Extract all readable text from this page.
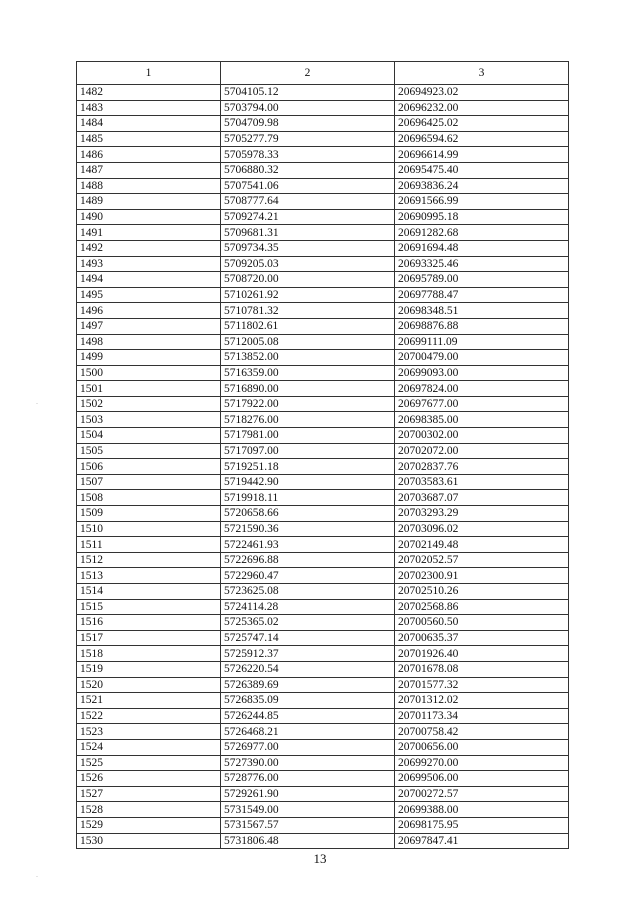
1	2	3
1482	5704105.12	20694923.02
1483	5703794.00	20696232.00
1484	5704709.98	20696425.02
1485	5705277.79	20696594.62
1486	5705978.33	20696614.99
1487	5706880.32	20695475.40
1488	5707541.06	20693836.24
1489	5708777.64	20691566.99
1490	5709274.21	20690995.18
1491	5709681.31	20691282.68
1492	5709734.35	20691694.48
1493	5709205.03	20693325.46
1494	5708720.00	20695789.00
1495	5710261.92	20697788.47
1496	5710781.32	20698348.51
1497	5711802.61	20698876.88
1498	5712005.08	20699111.09
1499	5713852.00	20700479.00
1500	5716359.00	20699093.00
1501	5716890.00	20697824.00
1502	5717922.00	20697677.00
1503	5718276.00	20698385.00
1504	5717981.00	20700302.00
1505	5717097.00	20702072.00
1506	5719251.18	20702837.76
1507	5719442.90	20703583.61
1508	5719918.11	20703687.07
1509	5720658.66	20703293.29
1510	5721590.36	20703096.02
1511	5722461.93	20702149.48
1512	5722696.88	20702052.57
1513	5722960.47	20702300.91
1514	5723625.08	20702510.26
1515	5724114.28	20702568.86
1516	5725365.02	20700560.50
1517	5725747.14	20700635.37
1518	5725912.37	20701926.40
1519	5726220.54	20701678.08
1520	5726389.69	20701577.32
1521	5726835.09	20701312.02
1522	5726244.85	20701173.34
1523	5726468.21	20700758.42
1524	5726977.00	20700656.00
1525	5727390.00	20699270.00
1526	5728776.00	20699506.00
1527	5729261.90	20700272.57
1528	5731549.00	20699388.00
1529	5731567.57	20698175.95
1530	5731806.48	20697847.41
.
.
13
